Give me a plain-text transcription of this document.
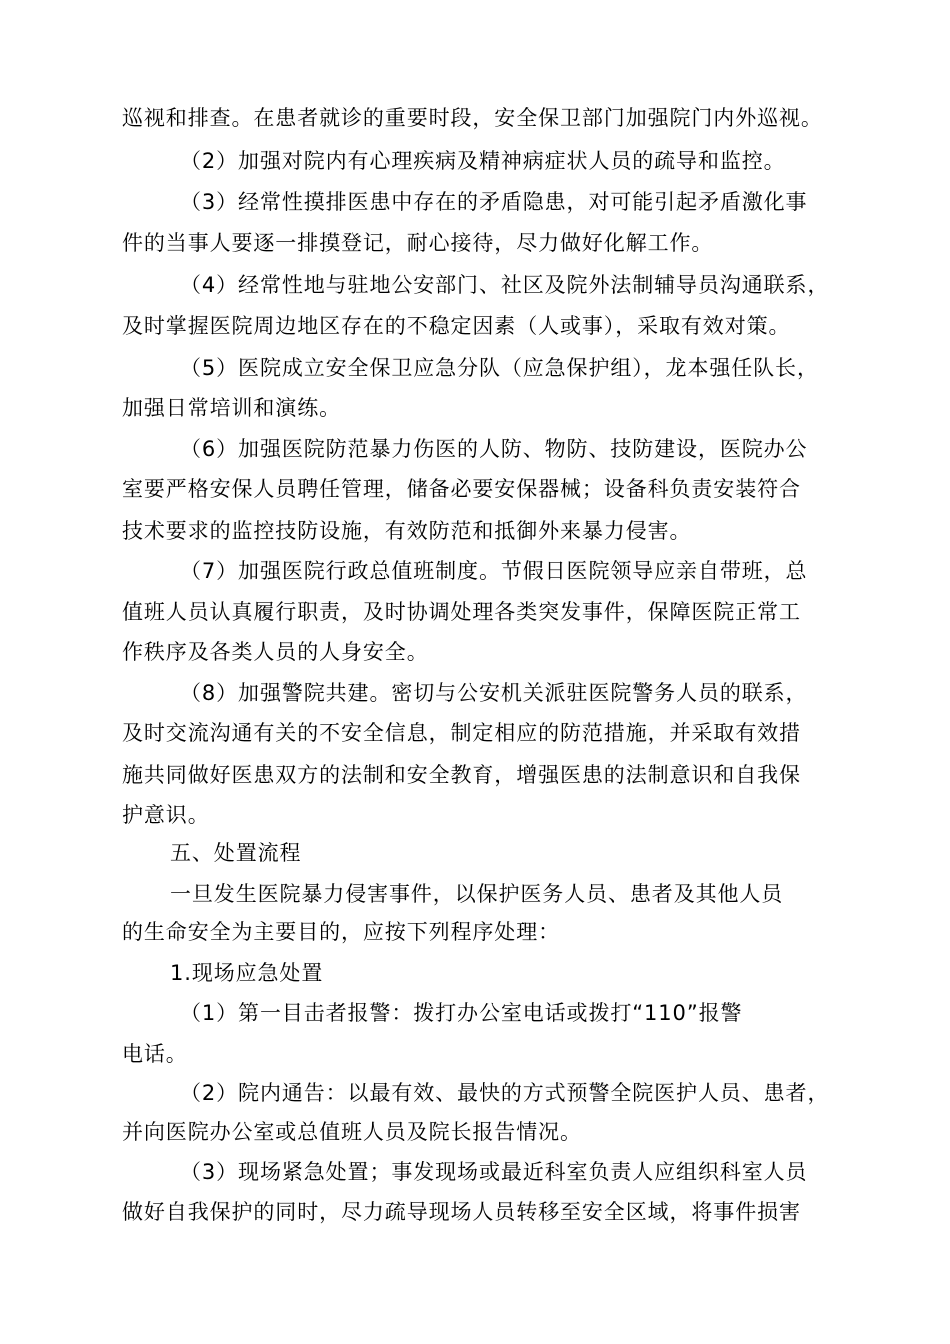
巡视和排查。在患者就诊的重要时段，安全保卫部门加强院门内外巡视。
（2）加强对院内有心理疾病及精神病症状人员的疏导和监控。
（3）经常性摸排医患中存在的矛盾隐患，对可能引起矛盾激化事
件的当事人要逐一排摸登记，耐心接待，尽力做好化解工作。
（4）经常性地与驻地公安部门、社区及院外法制辅导员沟通联系，
及时掌握医院周边地区存在的不稳定因素（人或事），采取有效对策。
（5）医院成立安全保卫应急分队（应急保护组），龙本强任队长，
加强日常培训和演练。
（6）加强医院防范暴力伤医的人防、物防、技防建设，医院办公
室要严格安保人员聘任管理，储备必要安保器械；设备科负责安装符合
技术要求的监控技防设施，有效防范和抵御外来暴力侵害。
（7）加强医院行政总值班制度。节假日医院领导应亲自带班，总
值班人员认真履行职责，及时协调处理各类突发事件，保障医院正常工
作秩序及各类人员的人身安全。
（8）加强警院共建。密切与公安机关派驻医院警务人员的联系，
及时交流沟通有关的不安全信息，制定相应的防范措施，并采取有效措
施共同做好医患双方的法制和安全教育，增强医患的法制意识和自我保
护意识。
五、处置流程
一旦发生医院暴力侵害事件，以保护医务人员、患者及其他人员
的生命安全为主要目的，应按下列程序处理：
1.现场应急处置
（1）第一目击者报警：拨打办公室电话或拨打“110”报警
电话。
（2）院内通告：以最有效、最快的方式预警全院医护人员、患者，
并向医院办公室或总值班人员及院长报告情况。
（3）现场紧急处置；事发现场或最近科室负责人应组织科室人员
做好自我保护的同时，尽力疏导现场人员转移至安全区域，将事件损害
